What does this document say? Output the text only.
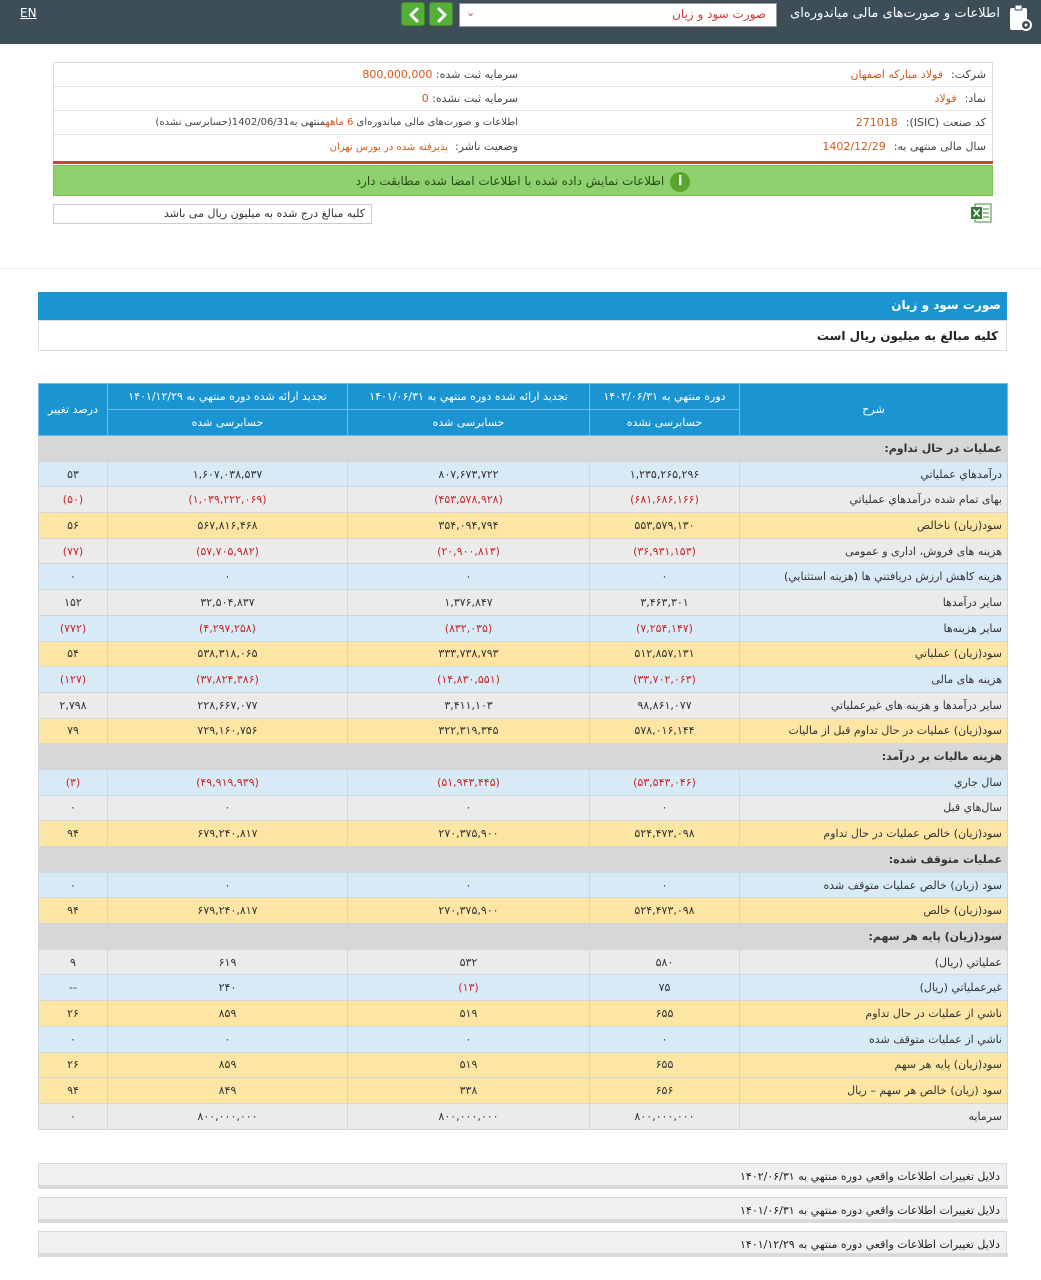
EN	صورت سود و زیان
⌄	اطلاعات و صورت‌های مالی میاندوره‌ای
شرکت:فولاد مبارکه اصفهان
سرمایه ثبت شده: 800,000,000
نماد:فولاد
سرمایه ثبت نشده: 0
کد صنعت (ISIC):271018
اطلاعات و صورت‌های مالی میاندوره‌ای 6 ماههمنتهی به1402/06/31(حسابرسی نشده)
سال مالی منتهی به:1402/12/29
وضعیت ناشر:  پذیرفته شده در بورس تهران
iاطلاعات نمایش داده شده با اطلاعات امضا شده مطابقت دارد
کلیه مبالغ درج شده به میلیون ریال می باشد
صورت سود و زیان
کلیه مبالغ به میلیون ریال است
شرح	دوره منتهي به ۱۴۰۲/۰۶/۳۱	تجدید ارائه شده دوره منتهي به ۱۴۰۱/۰۶/۳۱	تجدید ارائه شده دوره منتهي به ۱۴۰۱/۱۲/۲۹	درصد تغییر
	حسابرسی نشده	حسابرسی شده	حسابرسی شده	
عمليات در حال تداوم:				
درآمدهاي عملياتي	۱,۲۳۵,۲۶۵,۲۹۶	۸۰۷,۶۷۳,۷۲۲	۱,۶۰۷,۰۳۸,۵۳۷	۵۳
بهاى تمام شده درآمدهاي عملياتي	(۶۸۱,۶۸۶,۱۶۶)	(۴۵۳,۵۷۸,۹۲۸)	(۱,۰۳۹,۲۲۲,۰۶۹)	(۵۰)
سود(زيان) ناخالص	۵۵۳,۵۷۹,۱۳۰	۳۵۴,۰۹۴,۷۹۴	۵۶۷,۸۱۶,۴۶۸	۵۶
هزينه هاى فروش، ادارى و عمومى	(۳۶,۹۳۱,۱۵۳)	(۲۰,۹۰۰,۸۱۳)	(۵۷,۷۰۵,۹۸۲)	(۷۷)
هزينه کاهش ارزش دريافتني ها (هزينه استثنايي)	۰	۰	۰	۰
ساير درآمدها	۳,۴۶۳,۳۰۱	۱,۳۷۶,۸۴۷	۳۲,۵۰۴,۸۳۷	۱۵۲
ساير هزينه‌ها	(۷,۲۵۴,۱۴۷)	(۸۳۲,۰۳۵)	(۴,۲۹۷,۲۵۸)	(۷۷۲)
سود(زيان) عملياتي	۵۱۲,۸۵۷,۱۳۱	۳۳۳,۷۳۸,۷۹۳	۵۳۸,۳۱۸,۰۶۵	۵۴
هزينه هاى مالى	(۳۳,۷۰۲,۰۶۳)	(۱۴,۸۳۰,۵۵۱)	(۳۷,۸۲۴,۳۸۶)	(۱۲۷)
ساير درآمدها و هزينه هاى غيرعملياتي	۹۸,۸۶۱,۰۷۷	۳,۴۱۱,۱۰۳	۲۲۸,۶۶۷,۰۷۷	۲,۷۹۸
سود(زيان) عمليات در حال تداوم قبل از ماليات	۵۷۸,۰۱۶,۱۴۴	۳۲۲,۳۱۹,۳۴۵	۷۲۹,۱۶۰,۷۵۶	۷۹
هزينه ماليات بر درآمد:				
سال جاري	(۵۳,۵۴۳,۰۴۶)	(۵۱,۹۴۳,۴۴۵)	(۴۹,۹۱۹,۹۳۹)	(۳)
سال‌هاي قبل	۰	۰	۰	۰
سود(زيان) خالص عمليات در حال تداوم	۵۲۴,۴۷۳,۰۹۸	۲۷۰,۳۷۵,۹۰۰	۶۷۹,۲۴۰,۸۱۷	۹۴
عمليات متوقف شده:				
سود (زيان) خالص عمليات متوقف شده	۰	۰	۰	۰
سود(زيان) خالص	۵۲۴,۴۷۳,۰۹۸	۲۷۰,۳۷۵,۹۰۰	۶۷۹,۲۴۰,۸۱۷	۹۴
سود(زيان) پايه هر سهم:				
عملياتي (ريال)	۵۸۰	۵۳۲	۶۱۹	۹
غيرعملياتي (ريال)	۷۵	(۱۳)	۲۴۰	--
ناشي از عمليات در حال تداوم	۶۵۵	۵۱۹	۸۵۹	۲۶
ناشي از عمليات متوقف شده	۰	۰	۰	۰
سود(زيان) پايه هر سهم	۶۵۵	۵۱۹	۸۵۹	۲۶
سود (زيان) خالص هر سهم – ريال	۶۵۶	۳۳۸	۸۴۹	۹۴
سرمايه	۸۰۰,۰۰۰,۰۰۰	۸۰۰,۰۰۰,۰۰۰	۸۰۰,۰۰۰,۰۰۰	۰
دلايل تغييرات اطلاعات واقعي دوره منتهي به ۱۴۰۲/۰۶/۳۱
دلايل تغييرات اطلاعات واقعي دوره منتهي به ۱۴۰۱/۰۶/۳۱
دلايل تغييرات اطلاعات واقعي دوره منتهي به ۱۴۰۱/۱۲/۲۹
